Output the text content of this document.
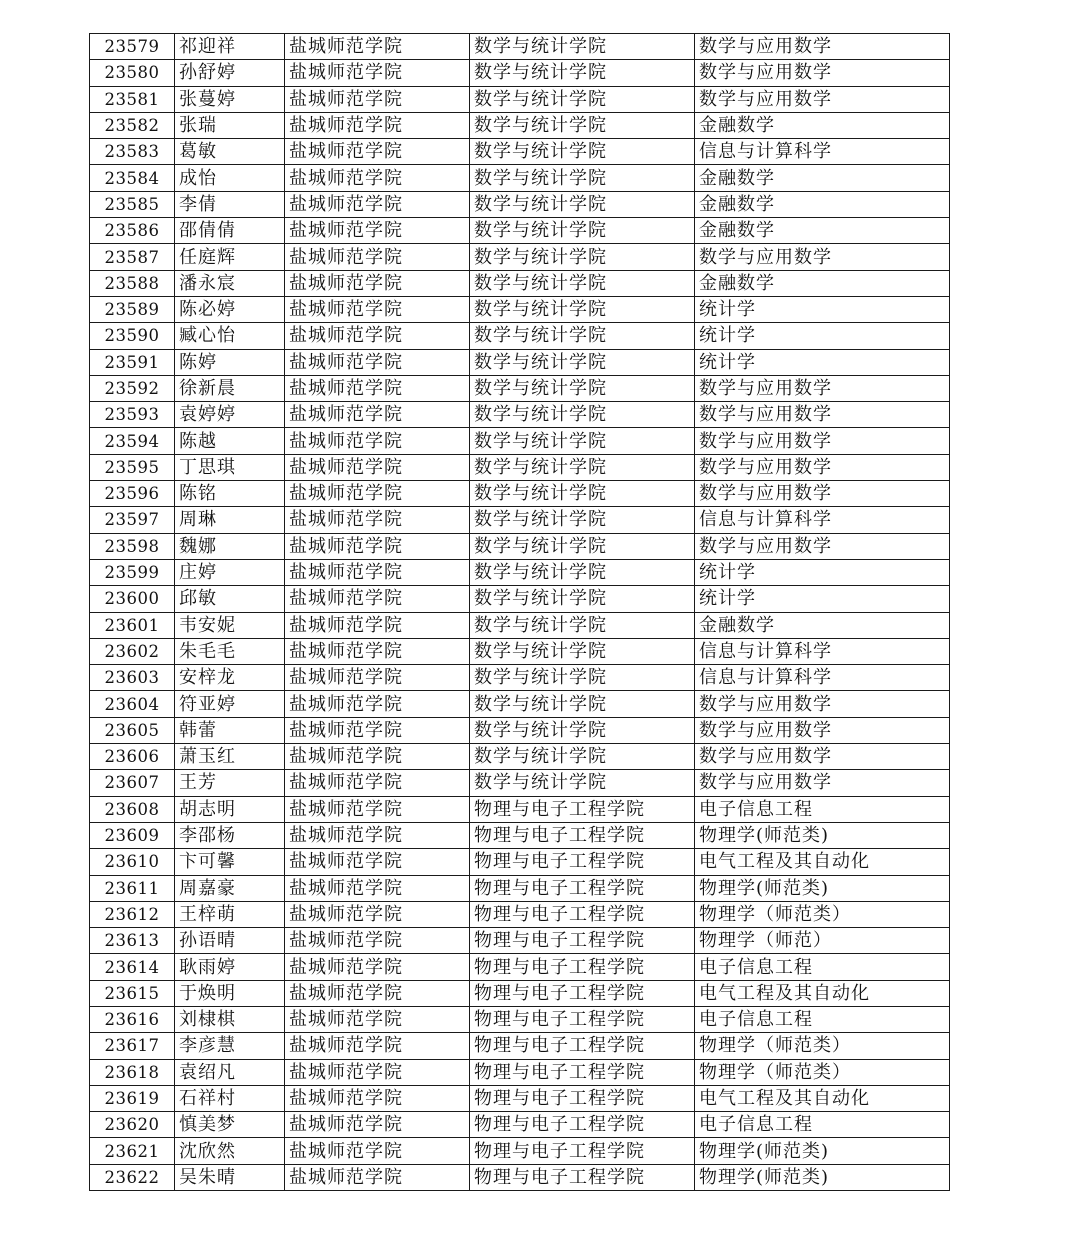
23579	祁迎祥	盐城师范学院	数学与统计学院	数学与应用数学
23580	孙舒婷	盐城师范学院	数学与统计学院	数学与应用数学
23581	张蔓婷	盐城师范学院	数学与统计学院	数学与应用数学
23582	张瑞	盐城师范学院	数学与统计学院	金融数学
23583	葛敏	盐城师范学院	数学与统计学院	信息与计算科学
23584	成怡	盐城师范学院	数学与统计学院	金融数学
23585	李倩	盐城师范学院	数学与统计学院	金融数学
23586	邵倩倩	盐城师范学院	数学与统计学院	金融数学
23587	任庭辉	盐城师范学院	数学与统计学院	数学与应用数学
23588	潘永宸	盐城师范学院	数学与统计学院	金融数学
23589	陈必婷	盐城师范学院	数学与统计学院	统计学
23590	臧心怡	盐城师范学院	数学与统计学院	统计学
23591	陈婷	盐城师范学院	数学与统计学院	统计学
23592	徐新晨	盐城师范学院	数学与统计学院	数学与应用数学
23593	袁婷婷	盐城师范学院	数学与统计学院	数学与应用数学
23594	陈越	盐城师范学院	数学与统计学院	数学与应用数学
23595	丁思琪	盐城师范学院	数学与统计学院	数学与应用数学
23596	陈铭	盐城师范学院	数学与统计学院	数学与应用数学
23597	周琳	盐城师范学院	数学与统计学院	信息与计算科学
23598	魏娜	盐城师范学院	数学与统计学院	数学与应用数学
23599	庄婷	盐城师范学院	数学与统计学院	统计学
23600	邱敏	盐城师范学院	数学与统计学院	统计学
23601	韦安妮	盐城师范学院	数学与统计学院	金融数学
23602	朱毛毛	盐城师范学院	数学与统计学院	信息与计算科学
23603	安梓龙	盐城师范学院	数学与统计学院	信息与计算科学
23604	符亚婷	盐城师范学院	数学与统计学院	数学与应用数学
23605	韩蕾	盐城师范学院	数学与统计学院	数学与应用数学
23606	萧玉红	盐城师范学院	数学与统计学院	数学与应用数学
23607	王芳	盐城师范学院	数学与统计学院	数学与应用数学
23608	胡志明	盐城师范学院	物理与电子工程学院	电子信息工程
23609	李邵杨	盐城师范学院	物理与电子工程学院	物理学(师范类)
23610	卞可馨	盐城师范学院	物理与电子工程学院	电气工程及其自动化
23611	周嘉豪	盐城师范学院	物理与电子工程学院	物理学(师范类)
23612	王梓萌	盐城师范学院	物理与电子工程学院	物理学（师范类）
23613	孙语晴	盐城师范学院	物理与电子工程学院	物理学（师范）
23614	耿雨婷	盐城师范学院	物理与电子工程学院	电子信息工程
23615	于焕明	盐城师范学院	物理与电子工程学院	电气工程及其自动化
23616	刘棣棋	盐城师范学院	物理与电子工程学院	电子信息工程
23617	李彦慧	盐城师范学院	物理与电子工程学院	物理学（师范类）
23618	袁绍凡	盐城师范学院	物理与电子工程学院	物理学（师范类）
23619	石祥村	盐城师范学院	物理与电子工程学院	电气工程及其自动化
23620	慎美梦	盐城师范学院	物理与电子工程学院	电子信息工程
23621	沈欣然	盐城师范学院	物理与电子工程学院	物理学(师范类)
23622	吴朱晴	盐城师范学院	物理与电子工程学院	物理学(师范类)
